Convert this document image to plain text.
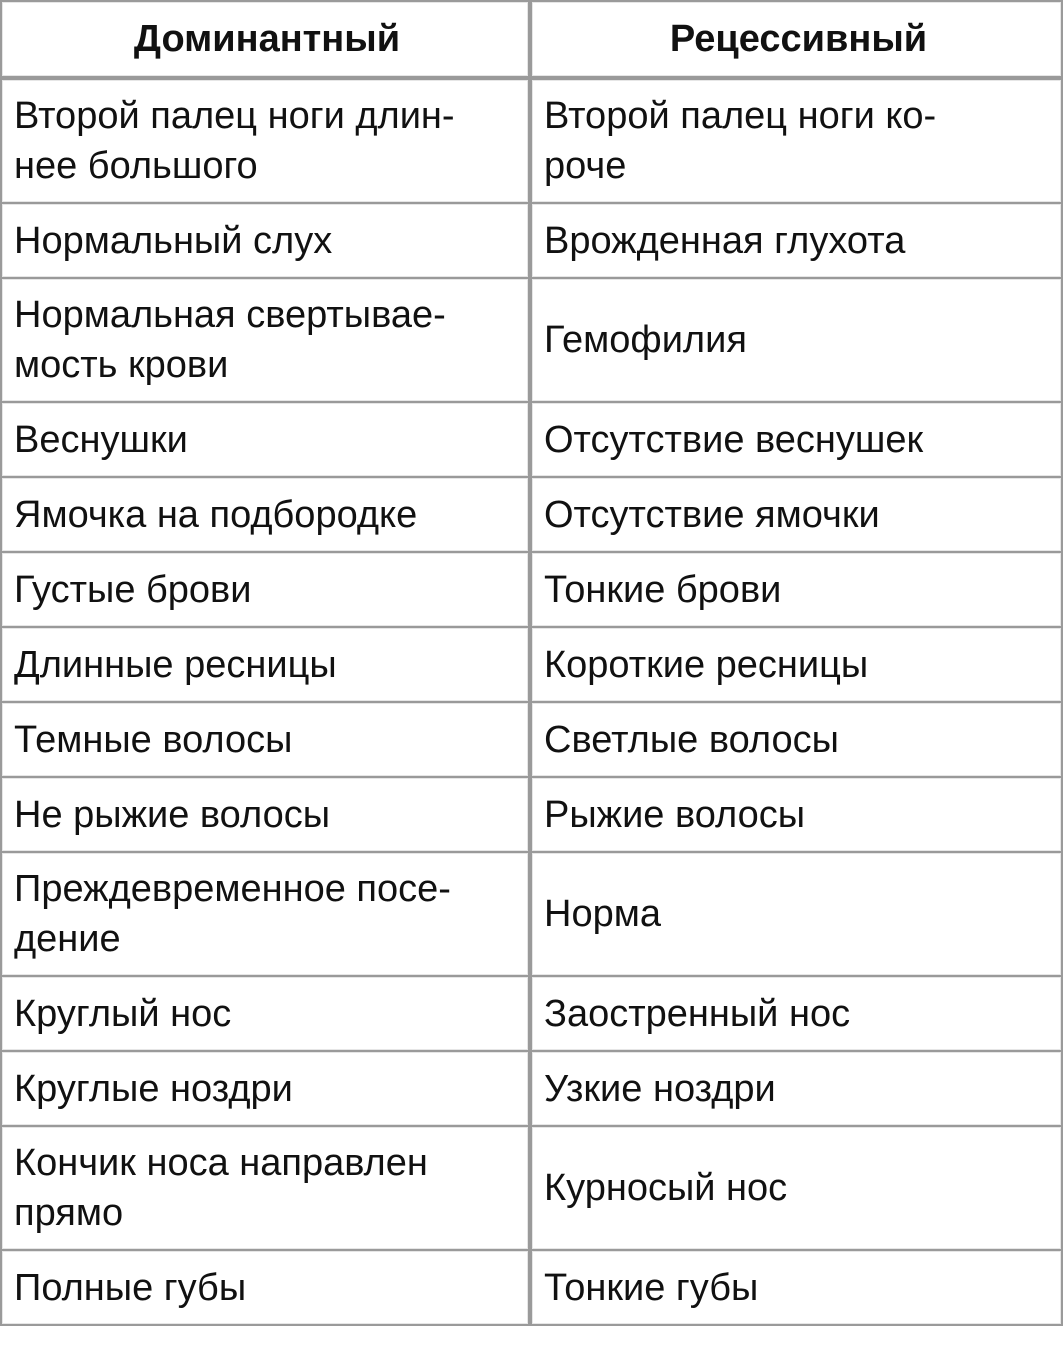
Доминантный	Рецессивный
Второй палец ноги длин-
нее большого	Второй палец ноги ко-
роче
Нормальный слух	Врожденная глухота
Нормальная свертывае-
мость крови	Гемофилия
Веснушки	Отсутствие веснушек
Ямочка на подбородке	Отсутствие ямочки
Густые брови	Тонкие брови
Длинные ресницы	Короткие ресницы
Темные волосы	Светлые волосы
Не рыжие волосы	Рыжие волосы
Преждевременное посе-
дение	Норма
Круглый нос	Заостренный нос
Круглые ноздри	Узкие ноздри
Кончик носа направлен
прямо	Курносый нос
Полные губы	Тонкие губы
